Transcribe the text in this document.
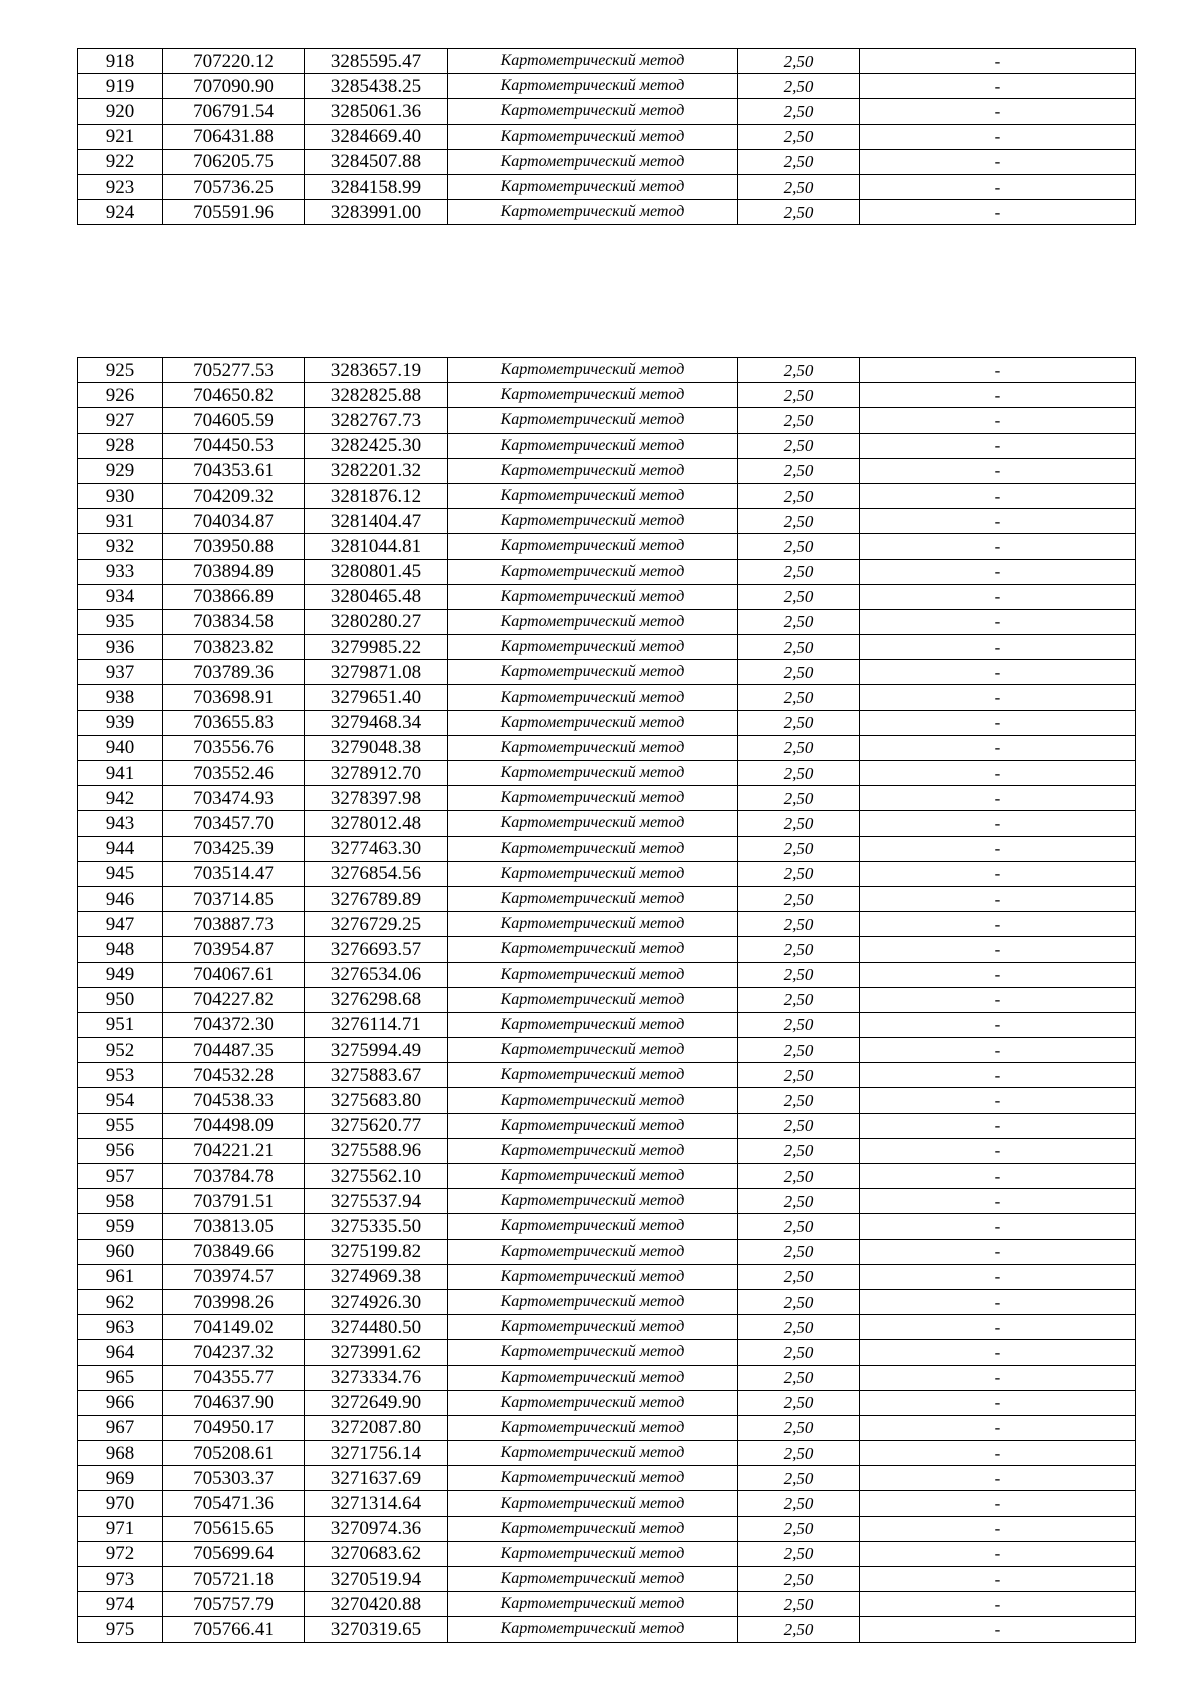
918	707220.12	3285595.47	Картометрический метод	2,50	-
919	707090.90	3285438.25	Картометрический метод	2,50	-
920	706791.54	3285061.36	Картометрический метод	2,50	-
921	706431.88	3284669.40	Картометрический метод	2,50	-
922	706205.75	3284507.88	Картометрический метод	2,50	-
923	705736.25	3284158.99	Картометрический метод	2,50	-
924	705591.96	3283991.00	Картометрический метод	2,50	-
925	705277.53	3283657.19	Картометрический метод	2,50	-
926	704650.82	3282825.88	Картометрический метод	2,50	-
927	704605.59	3282767.73	Картометрический метод	2,50	-
928	704450.53	3282425.30	Картометрический метод	2,50	-
929	704353.61	3282201.32	Картометрический метод	2,50	-
930	704209.32	3281876.12	Картометрический метод	2,50	-
931	704034.87	3281404.47	Картометрический метод	2,50	-
932	703950.88	3281044.81	Картометрический метод	2,50	-
933	703894.89	3280801.45	Картометрический метод	2,50	-
934	703866.89	3280465.48	Картометрический метод	2,50	-
935	703834.58	3280280.27	Картометрический метод	2,50	-
936	703823.82	3279985.22	Картометрический метод	2,50	-
937	703789.36	3279871.08	Картометрический метод	2,50	-
938	703698.91	3279651.40	Картометрический метод	2,50	-
939	703655.83	3279468.34	Картометрический метод	2,50	-
940	703556.76	3279048.38	Картометрический метод	2,50	-
941	703552.46	3278912.70	Картометрический метод	2,50	-
942	703474.93	3278397.98	Картометрический метод	2,50	-
943	703457.70	3278012.48	Картометрический метод	2,50	-
944	703425.39	3277463.30	Картометрический метод	2,50	-
945	703514.47	3276854.56	Картометрический метод	2,50	-
946	703714.85	3276789.89	Картометрический метод	2,50	-
947	703887.73	3276729.25	Картометрический метод	2,50	-
948	703954.87	3276693.57	Картометрический метод	2,50	-
949	704067.61	3276534.06	Картометрический метод	2,50	-
950	704227.82	3276298.68	Картометрический метод	2,50	-
951	704372.30	3276114.71	Картометрический метод	2,50	-
952	704487.35	3275994.49	Картометрический метод	2,50	-
953	704532.28	3275883.67	Картометрический метод	2,50	-
954	704538.33	3275683.80	Картометрический метод	2,50	-
955	704498.09	3275620.77	Картометрический метод	2,50	-
956	704221.21	3275588.96	Картометрический метод	2,50	-
957	703784.78	3275562.10	Картометрический метод	2,50	-
958	703791.51	3275537.94	Картометрический метод	2,50	-
959	703813.05	3275335.50	Картометрический метод	2,50	-
960	703849.66	3275199.82	Картометрический метод	2,50	-
961	703974.57	3274969.38	Картометрический метод	2,50	-
962	703998.26	3274926.30	Картометрический метод	2,50	-
963	704149.02	3274480.50	Картометрический метод	2,50	-
964	704237.32	3273991.62	Картометрический метод	2,50	-
965	704355.77	3273334.76	Картометрический метод	2,50	-
966	704637.90	3272649.90	Картометрический метод	2,50	-
967	704950.17	3272087.80	Картометрический метод	2,50	-
968	705208.61	3271756.14	Картометрический метод	2,50	-
969	705303.37	3271637.69	Картометрический метод	2,50	-
970	705471.36	3271314.64	Картометрический метод	2,50	-
971	705615.65	3270974.36	Картометрический метод	2,50	-
972	705699.64	3270683.62	Картометрический метод	2,50	-
973	705721.18	3270519.94	Картометрический метод	2,50	-
974	705757.79	3270420.88	Картометрический метод	2,50	-
975	705766.41	3270319.65	Картометрический метод	2,50	-
